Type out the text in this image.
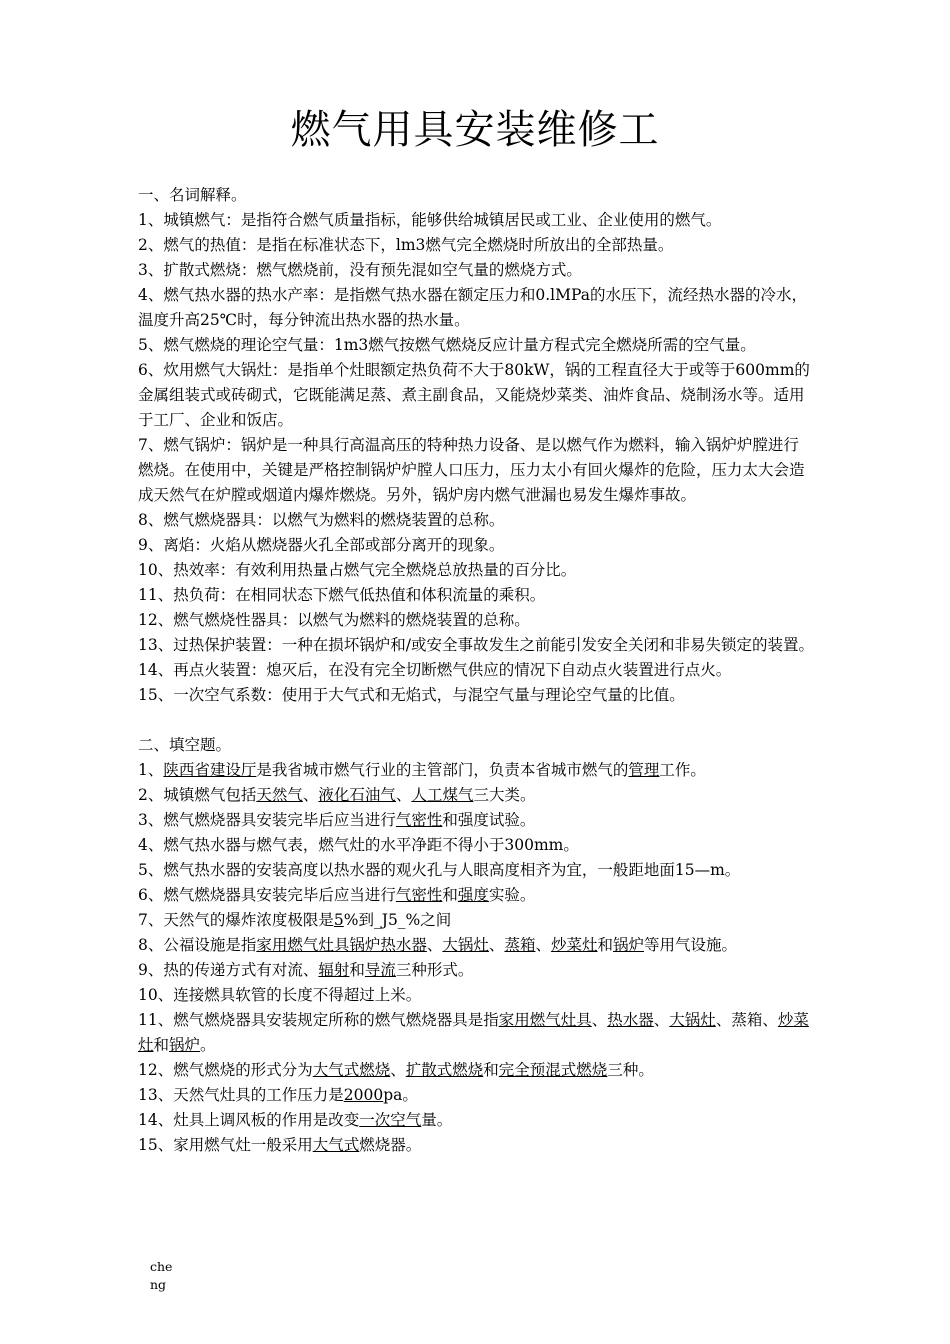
燃气用具安装维修工
一、名词解释。
1、城镇燃气：是指符合燃气质量指标，能够供给城镇居民或工业、企业使用的燃气。
2、燃气的热值：是指在标准状态下，lm3燃气完全燃烧时所放出的全部热量。
3、扩散式燃烧：燃气燃烧前，没有预先混如空气量的燃烧方式。
4、燃气热水器的热水产率：是指燃气热水器在额定压力和0.lMPa的水压下，流经热水器的冷水，温度升高25℃时，每分钟流出热水器的热水量。
5、燃气燃烧的理论空气量：1m3燃气按燃气燃烧反应计量方程式完全燃烧所需的空气量。
6、炊用燃气大锅灶：是指单个灶眼额定热负荷不大于80kW，锅的工程直径大于或等于600mm的金属组装式或砖砌式，它既能满足蒸、煮主副食品，又能烧炒菜类、油炸食品、烧制汤水等。适用于工厂、企业和饭店。
7、燃气锅炉：锅炉是一种具行高温高压的特种热力设备、是以燃气作为燃料，输入锅炉炉膛进行燃烧。在使用中，关键是严格控制锅炉炉膛人口压力，压力太小有回火爆炸的危险，压力太大会造成天然气在炉膛或烟道内爆炸燃烧。另外，锅炉房内燃气泄漏也易发生爆炸事故。
8、燃气燃烧器具：以燃气为燃料的燃烧装置的总称。
9、离焰：火焰从燃烧器火孔全部或部分离开的现象。
10、热效率：有效利用热量占燃气完全燃烧总放热量的百分比。
11、热负荷：在相同状态下燃气低热值和体积流量的乘积。
12、燃气燃烧性器具：以燃气为燃料的燃烧装置的总称。
13、过热保护装置：一种在损坏锅炉和/或安全事故发生之前能引发安全关闭和非易失锁定的装置。
14、再点火装置：熄灭后，在没有完全切断燃气供应的情况下自动点火装置进行点火。
15、一次空气系数：使用于大气式和无焰式，与混空气量与理论空气量的比值。
二、填空题。
1、陕西省建设厅是我省城市燃气行业的主管部门，负责本省城市燃气的管理工作。
2、城镇燃气包括天然气、液化石油气、人工煤气三大类。
3、燃气燃烧器具安装完毕后应当进行气密性和强度试验。
4、燃气热水器与燃气表，燃气灶的水平净距不得小于300mm。
5、燃气热水器的安装高度以热水器的观火孔与人眼高度相齐为宜，一般距地面15—m。
6、燃气燃烧器具安装完毕后应当进行气密性和强度实验。
7、天然气的爆炸浓度极限是5%到_J5_%之间
8、公福设施是指家用燃气灶具锅炉热水器、大锅灶、蒸箱、炒菜灶和锅炉等用气设施。
9、热的传递方式有对流、辐射和导流三种形式。
10、连接燃具软管的长度不得超过上米。
11、燃气燃烧器具安装规定所称的燃气燃烧器具是指家用燃气灶具、热水器、大锅灶、蒸箱、炒菜灶和锅炉。
12、燃气燃烧的形式分为大气式燃烧、扩散式燃烧和完全预混式燃烧三种。
13、天然气灶具的工作压力是2000pa。
14、灶具上调风板的作用是改变一次空气量。
15、家用燃气灶一般采用大气式燃烧器。
che
ng
